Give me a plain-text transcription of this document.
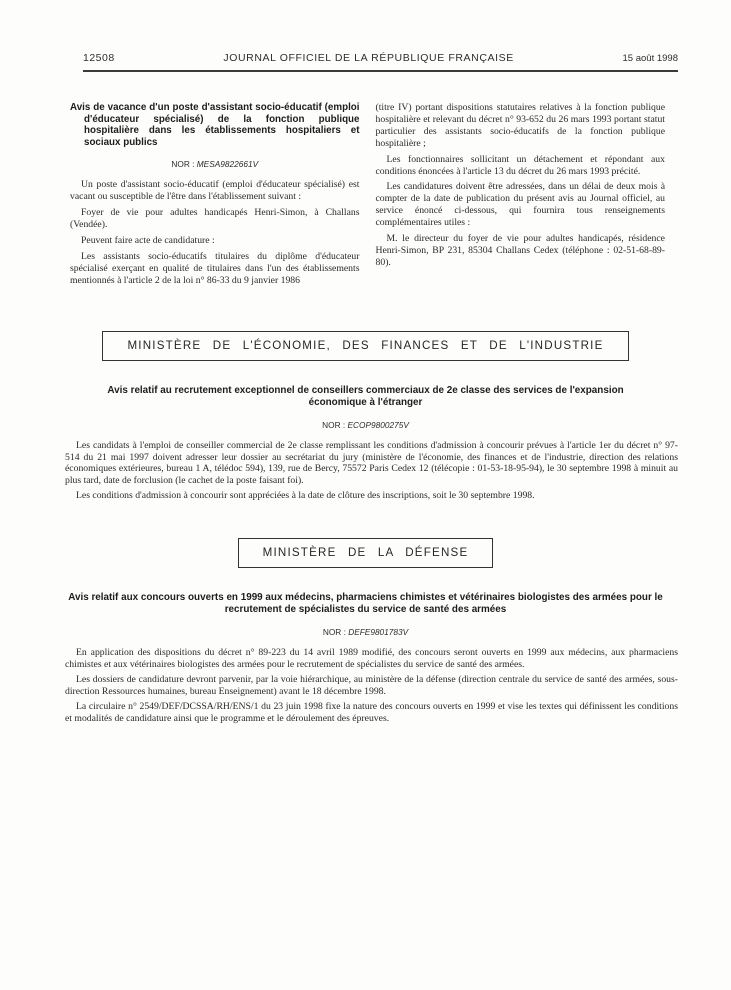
12508	JOURNAL OFFICIEL DE LA RÉPUBLIQUE FRANÇAISE	15 août 1998
Avis de vacance d'un poste d'assistant socio-éducatif (emploi d'éducateur spécialisé) de la fonction publique hospitalière dans les établissements hospitaliers et sociaux publics
NOR : MESA9822661V

Un poste d'assistant socio-éducatif (emploi d'éducateur spécialisé) est vacant ou susceptible de l'être dans l'établissement suivant :

Foyer de vie pour adultes handicapés Henri-Simon, à Challans (Vendée).

Peuvent faire acte de candidature :

Les assistants socio-éducatifs titulaires du diplôme d'éducateur spécialisé exerçant en qualité de titulaires dans l'un des établissements mentionnés à l'article 2 de la loi n° 86-33 du 9 janvier 1986

(titre IV) portant dispositions statutaires relatives à la fonction publique hospitalière et relevant du décret n° 93-652 du 26 mars 1993 portant statut particulier des assistants socio-éducatifs de la fonction publique hospitalière ;

Les fonctionnaires sollicitant un détachement et répondant aux conditions énoncées à l'article 13 du décret du 26 mars 1993 précité.

Les candidatures doivent être adressées, dans un délai de deux mois à compter de la date de publication du présent avis au Journal officiel, au service énoncé ci-dessous, qui fournira tous renseignements complémentaires utiles :

M. le directeur du foyer de vie pour adultes handicapés, résidence Henri-Simon, BP 231, 85304 Challans Cedex (téléphone : 02-51-68-89-80).

MINISTÈRE DE L'ÉCONOMIE, DES FINANCES ET DE L'INDUSTRIE
Avis relatif au recrutement exceptionnel de conseillers commerciaux de 2e classe des services de l'expansion économique à l'étranger
NOR : ECOP9800275V

Les candidats à l'emploi de conseiller commercial de 2e classe remplissant les conditions d'admission à concourir prévues à l'article 1er du décret n° 97-514 du 21 mai 1997 doivent adresser leur dossier au secrétariat du jury (ministère de l'économie, des finances et de l'industrie, direction des relations économiques extérieures, bureau 1 A, télédoc 594), 139, rue de Bercy, 75572 Paris Cedex 12 (télécopie : 01-53-18-95-94), le 30 septembre 1998 à minuit au plus tard, date de forclusion (le cachet de la poste faisant foi).

Les conditions d'admission à concourir sont appréciées à la date de clôture des inscriptions, soit le 30 septembre 1998.

MINISTÈRE DE LA DÉFENSE
Avis relatif aux concours ouverts en 1999 aux médecins, pharmaciens chimistes et vétérinaires biologistes des armées pour le recrutement de spécialistes du service de santé des armées
NOR : DEFE9801783V

En application des dispositions du décret n° 89-223 du 14 avril 1989 modifié, des concours seront ouverts en 1999 aux médecins, aux pharmaciens chimistes et aux vétérinaires biologistes des armées pour le recrutement de spécialistes du service de santé des armées.

Les dossiers de candidature devront parvenir, par la voie hiérarchique, au ministère de la défense (direction centrale du service de santé des armées, sous-direction Ressources humaines, bureau Enseignement) avant le 18 décembre 1998.

La circulaire n° 2549/DEF/DCSSA/RH/ENS/1 du 23 juin 1998 fixe la nature des concours ouverts en 1999 et vise les textes qui définissent les conditions et modalités de candidature ainsi que le programme et le déroulement des épreuves.
